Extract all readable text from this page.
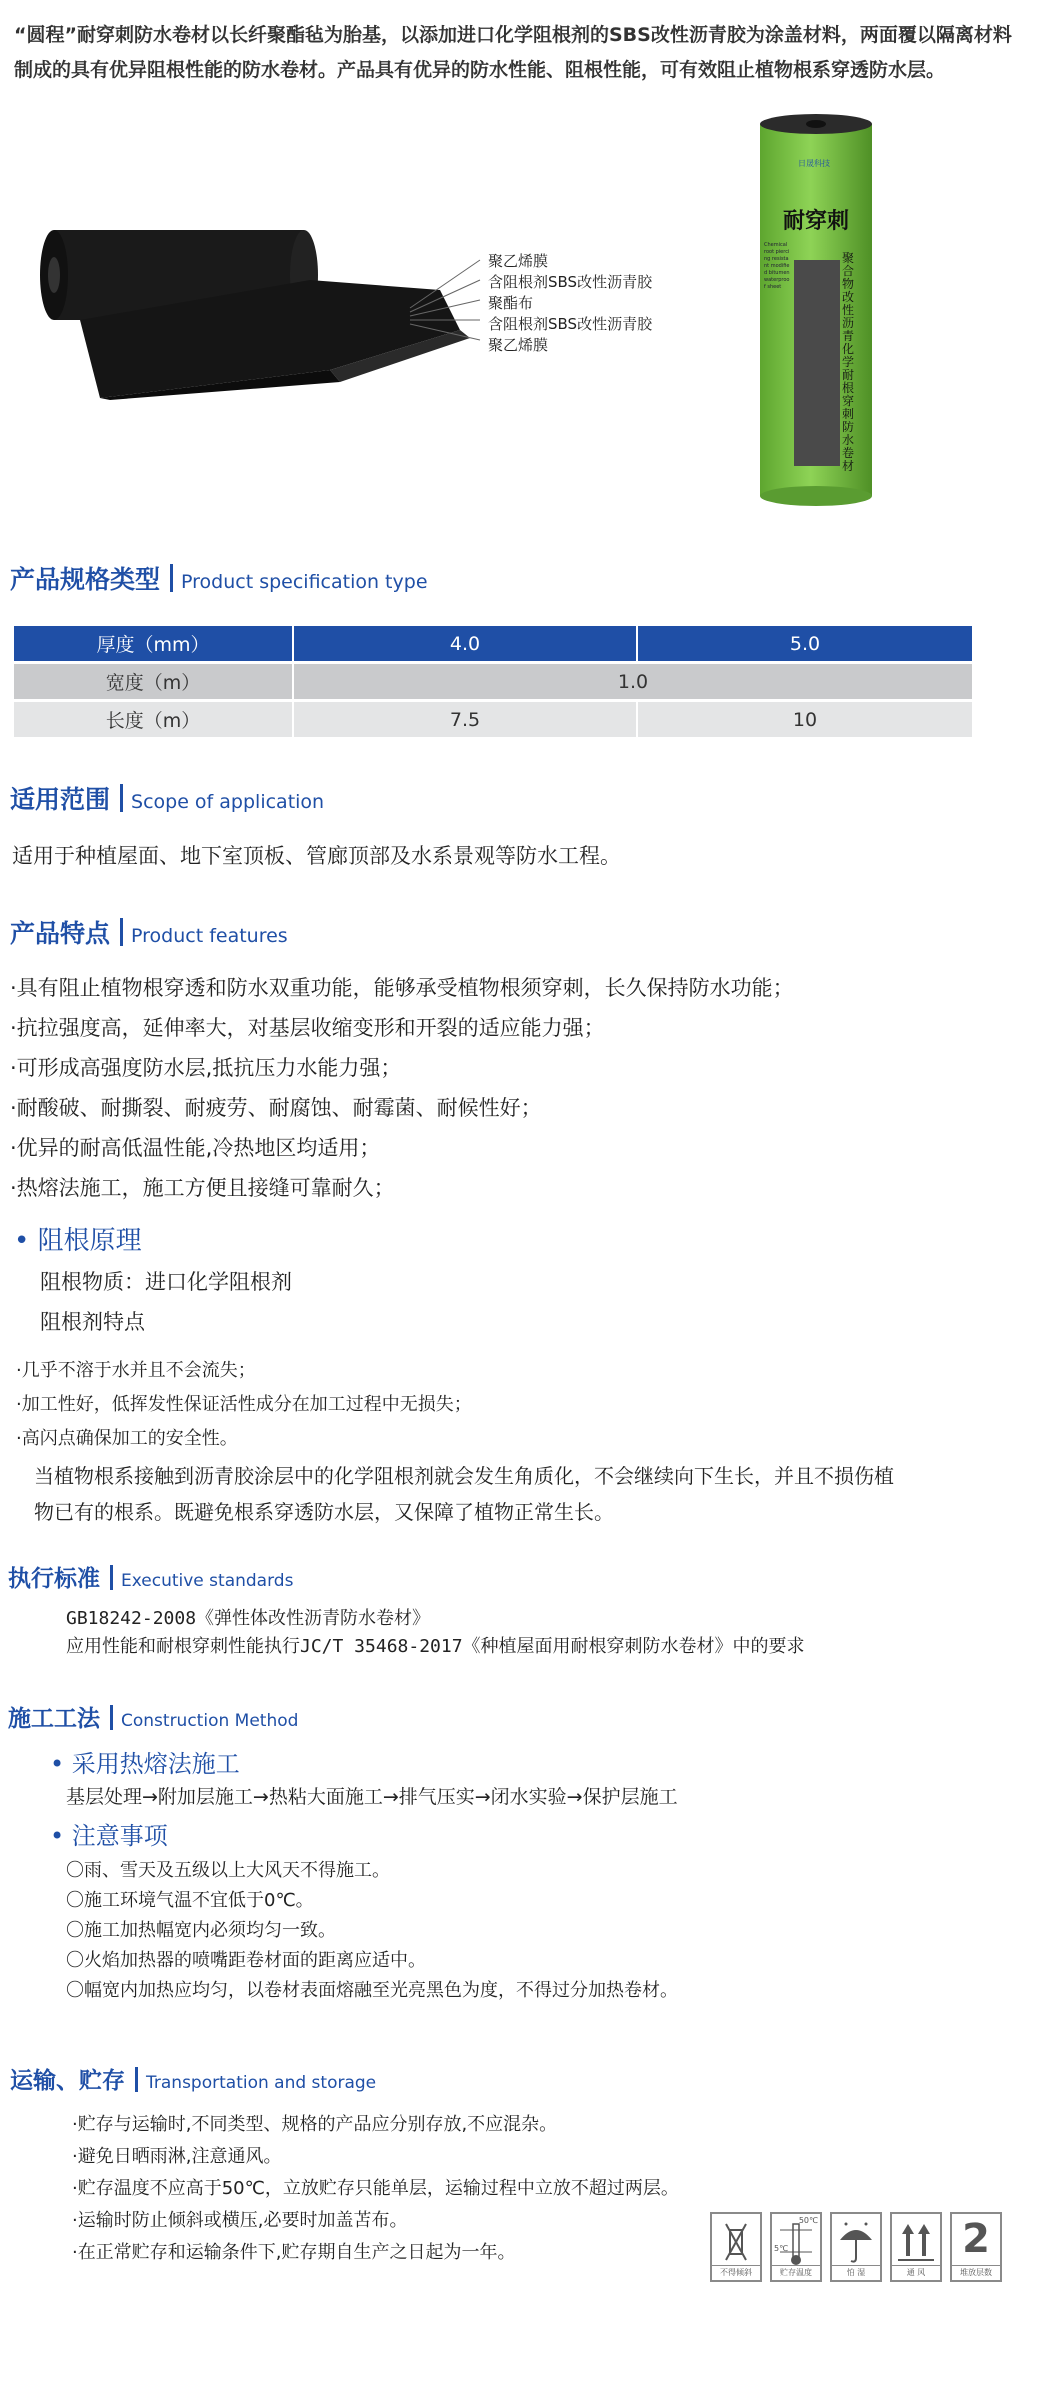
“圆程”耐穿刺防水卷材以长纤聚酯毡为胎基，以添加进口化学阻根剂的SBS改性沥青胶为涂盖材料，两面覆以隔离材料制成的具有优异阻根性能的防水卷材。产品具有优异的防水性能、阻根性能，可有效阻止植物根系穿透防水层。
聚乙烯膜
含阻根剂SBS改性沥青胶
聚酯布
含阻根剂SBS改性沥青胶
聚乙烯膜
日晟科技
耐穿刺
聚合物改性沥青化学耐根穿刺防水卷材
Chemical root piercing resistant modified bitumen waterproof sheet
产品规格类型 Product specification type
厚度（mm）	4.0	5.0
宽度（m）	1.0	
长度（m）	7.5	10
适用范围 Scope of application
适用于种植屋面、地下室顶板、管廊顶部及水系景观等防水工程。
产品特点 Product features
·具有阻止植物根穿透和防水双重功能，能够承受植物根须穿刺，长久保持防水功能；
·抗拉强度高，延伸率大，对基层收缩变形和开裂的适应能力强；
·可形成高强度防水层,抵抗压力水能力强；
·耐酸破、耐撕裂、耐疲劳、耐腐蚀、耐霉菌、耐候性好；
·优异的耐高低温性能,冷热地区均适用；
·热熔法施工，施工方便且接缝可靠耐久；
• 阻根原理
阻根物质：进口化学阻根剂
阻根剂特点
·几乎不溶于水并且不会流失；
·加工性好，低挥发性保证活性成分在加工过程中无损失；
·高闪点确保加工的安全性。
当植物根系接触到沥青胶涂层中的化学阻根剂就会发生角质化，不会继续向下生长，并且不损伤植
物已有的根系。既避免根系穿透防水层，又保障了植物正常生长。
执行标准 Executive standards
GB18242-2008《弹性体改性沥青防水卷材》
应用性能和耐根穿刺性能执行JC/T 35468-2017《种植屋面用耐根穿刺防水卷材》中的要求
施工工法 Construction Method
• 采用热熔法施工
基层处理→附加层施工→热粘大面施工→排气压实→闭水实验→保护层施工
• 注意事项
〇雨、雪天及五级以上大风天不得施工。
〇施工环境气温不宜低于0℃。
〇施工加热幅宽内必须均匀一致。
〇火焰加热器的喷嘴距卷材面的距离应适中。
〇幅宽内加热应均匀，以卷材表面熔融至光亮黑色为度，不得过分加热卷材。
运输、贮存 Transportation and storage
·贮存与运输时,不同类型、规格的产品应分别存放,不应混杂。
·避免日晒雨淋,注意通风。
·贮存温度不应高于50℃，立放贮存只能单层，运输过程中立放不超过两层。
·运输时防止倾斜或横压,必要时加盖苫布。
·在正常贮存和运输条件下,贮存期自生产之日起为一年。
不得倾斜
50℃
5℃
贮存温度	怕 湿	通 风
2
堆放层数
